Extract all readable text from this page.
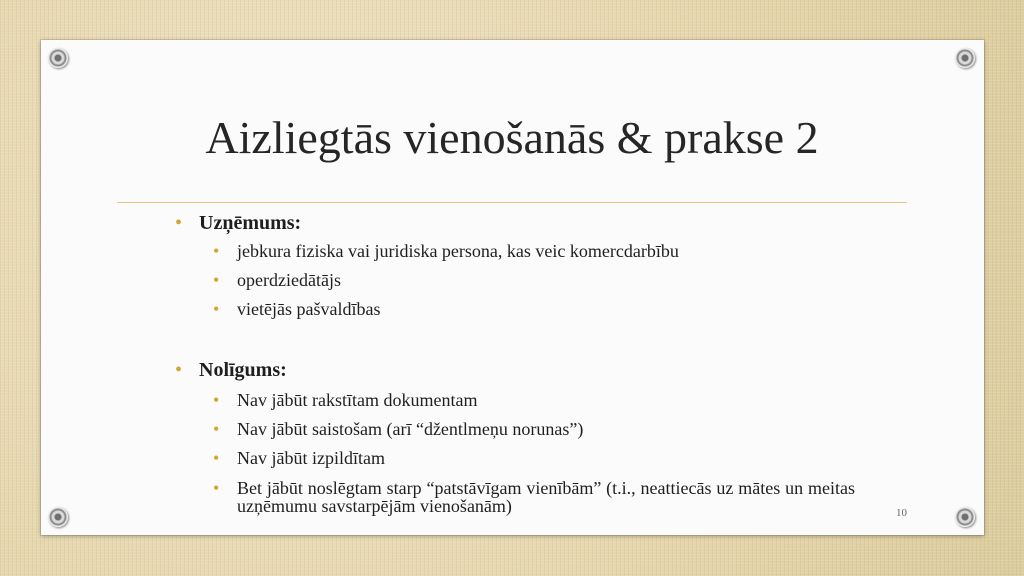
Aizliegtās vienošanās & prakse 2
• Uzņēmums:
• jebkura fiziska vai juridiska persona, kas veic komercdarbību
• operdziedātājs
• vietējās pašvaldības
• Nolīgums:
• Nav jābūt rakstītam dokumentam
• Nav jābūt saistošam (arī “džentlmeņu norunas”)
• Nav jābūt izpildītam
• Bet jābūt noslēgtam starp “patstāvīgam vienībām” (t.i., neattiecās uz mātes un meitas uzņēmumu savstarpējām vienošanām)	10
